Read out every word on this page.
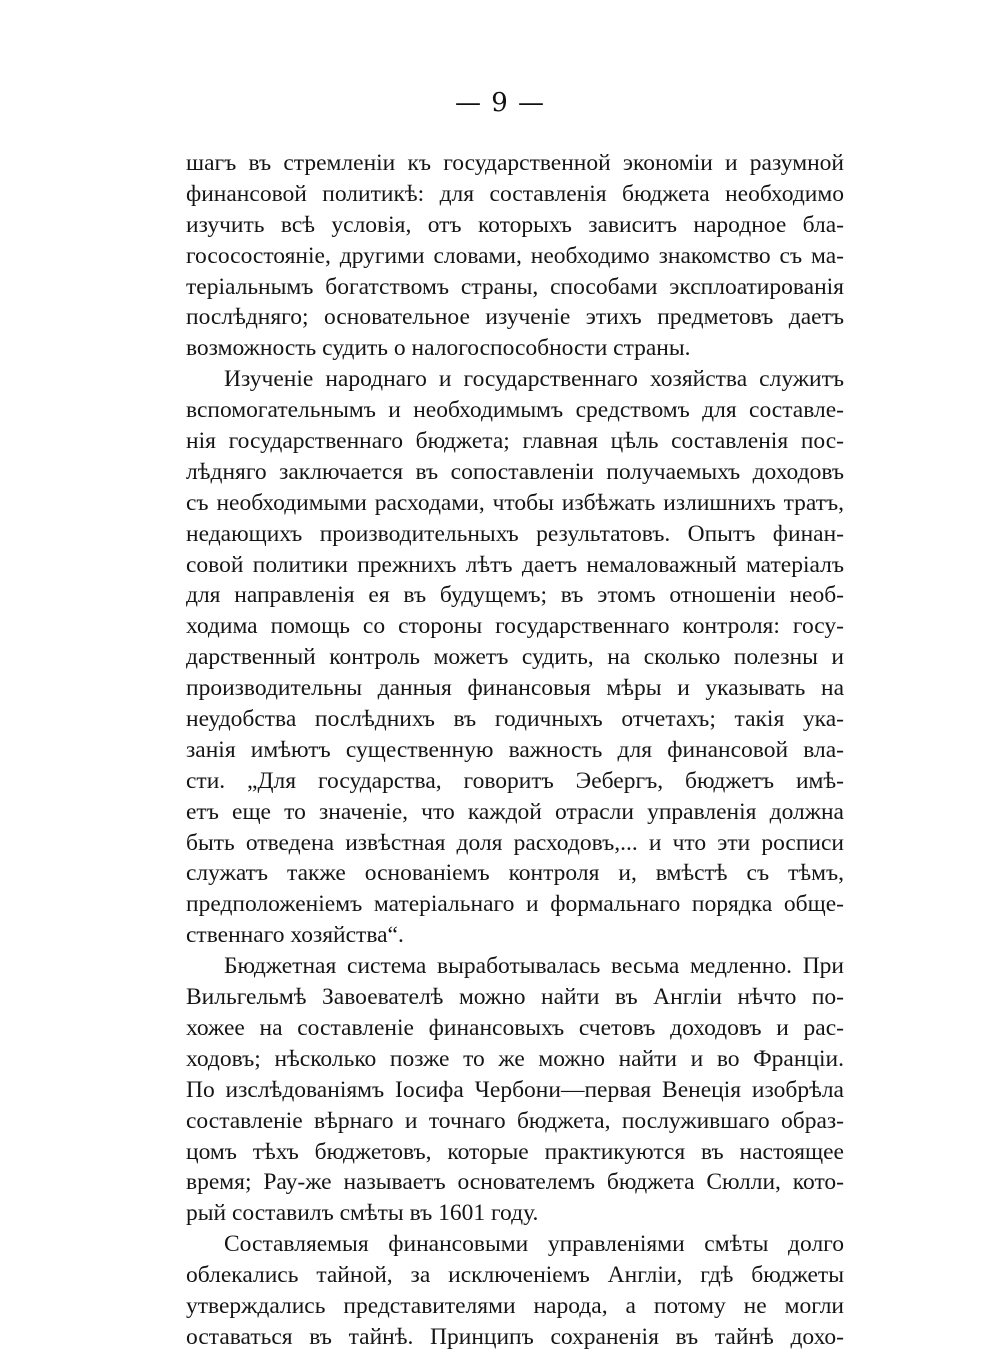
— 9 —
шагъ въ стремленіи къ государственной экономіи и разумной
финансовой политикѣ: для составленія бюджета необходимо
изучить всѣ условія, отъ которыхъ зависитъ народное бла-
гососостояніе, другими словами, необходимо знакомство съ ма-
теріальнымъ богатствомъ страны, способами эксплоатированія
послѣдняго; основательное изученіе этихъ предметовъ даетъ
возможность судить о налогоспособности страны.
Изученіе народнаго и государственнаго хозяйства служитъ
вспомогательнымъ и необходимымъ средствомъ для составле-
нія государственнаго бюджета; главная цѣль составленія пос-
лѣдняго заключается въ сопоставленіи получаемыхъ доходовъ
съ необходимыми расходами, чтобы избѣжать излишнихъ тратъ,
недающихъ производительныхъ результатовъ. Опытъ финан-
совой политики прежнихъ лѣтъ даетъ немаловажный матеріалъ
для направленія ея въ будущемъ; въ этомъ отношеніи необ-
ходима помощь со стороны государственнаго контроля: госу-
дарственный контроль можетъ судить, на сколько полезны и
производительны данныя финансовыя мѣры и указывать на
неудобства послѣднихъ въ годичныхъ отчетахъ; такія ука-
занія имѣютъ существенную важность для финансовой вла-
сти. „Для государства, говоритъ Эебергъ, бюджетъ имѣ-
етъ еще то значеніе, что каждой отрасли управленія должна
быть отведена извѣстная доля расходовъ,... и что эти росписи
служатъ также основаніемъ контроля и, вмѣстѣ съ тѣмъ,
предположеніемъ матеріальнаго и формальнаго порядка обще-
ственнаго хозяйства“.
Бюджетная система выработывалась весьма медленно. При
Вильгельмѣ Завоевателѣ можно найти въ Англіи нѣчто по-
хожее на составленіе финансовыхъ счетовъ доходовъ и рас-
ходовъ; нѣсколько позже то же можно найти и во Франціи.
По изслѣдованіямъ Іосифа Чербони—первая Венеція изобрѣла
составленіе вѣрнаго и точнаго бюджета, послужившаго образ-
цомъ тѣхъ бюджетовъ, которые практикуются въ настоящее
время; Рау-же называетъ основателемъ бюджета Сюлли, кото-
рый составилъ смѣты въ 1601 году.
Составляемыя финансовыми управленіями смѣты долго
облекались тайной, за исключеніемъ Англіи, гдѣ бюджеты
утверждались представителями народа, а потому не могли
оставаться въ тайнѣ. Принципъ сохраненія въ тайнѣ дохо-
